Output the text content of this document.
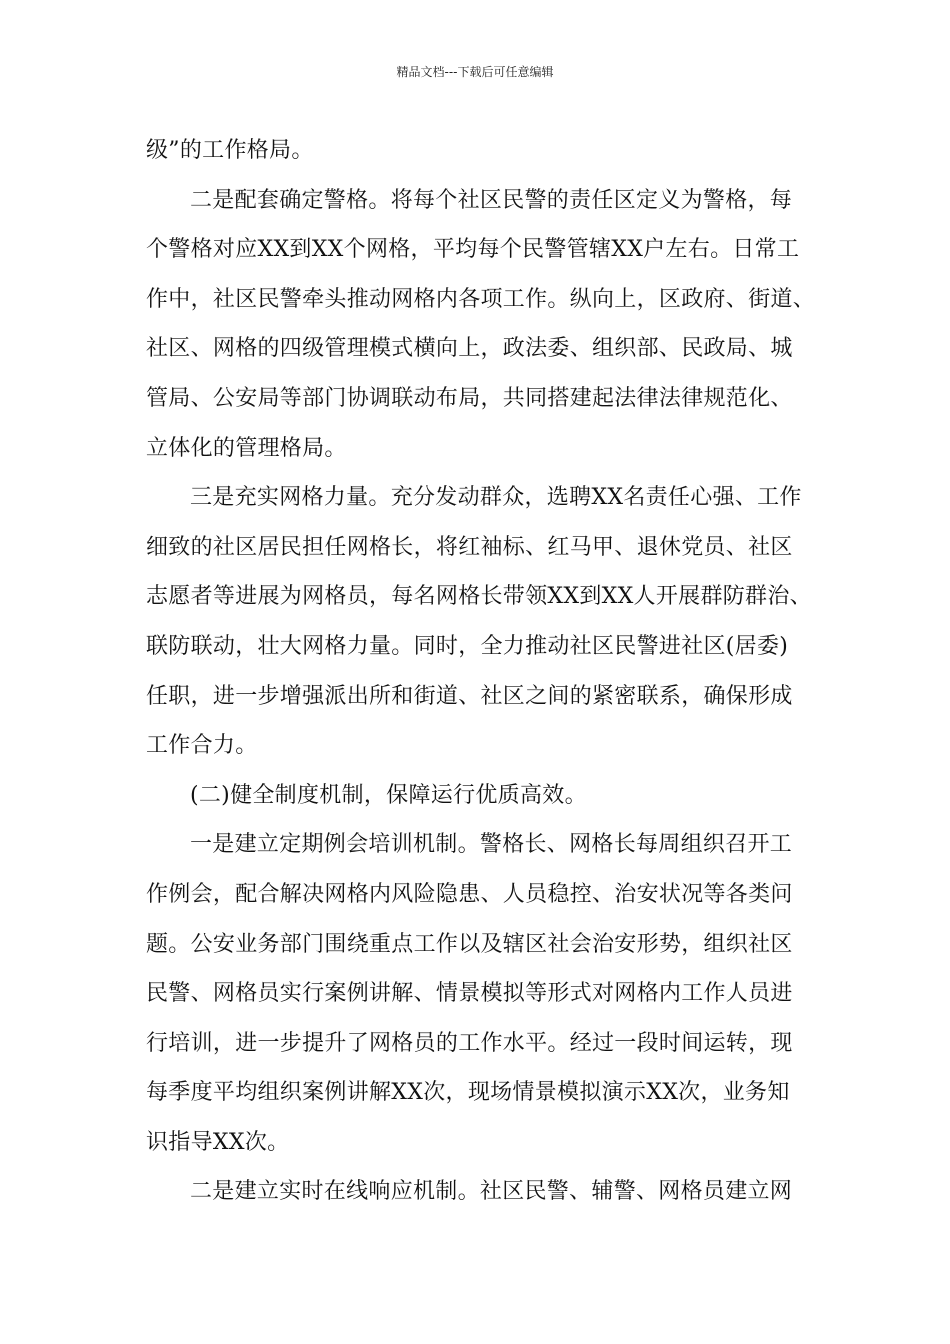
精品文档---下载后可任意编辑
级”的工作格局。
二是配套确定警格。将每个社区民警的责任区定义为警格，每
个警格对应XX到XX个网格，平均每个民警管辖XX户左右。日常工
作中，社区民警牵头推动网格内各项工作。纵向上，区政府、街道、
社区、网格的四级管理模式横向上，政法委、组织部、民政局、城
管局、公安局等部门协调联动布局，共同搭建起法律法律规范化、
立体化的管理格局。
三是充实网格力量。充分发动群众，选聘XX名责任心强、工作
细致的社区居民担任网格长，将红袖标、红马甲、退休党员、社区
志愿者等进展为网格员，每名网格长带领XX到XX人开展群防群治、
联防联动，壮大网格力量。同时，全力推动社区民警进社区(居委)
任职，进一步增强派出所和街道、社区之间的紧密联系，确保形成
工作合力。
(二)健全制度机制，保障运行优质高效。
一是建立定期例会培训机制。警格长、网格长每周组织召开工
作例会，配合解决网格内风险隐患、人员稳控、治安状况等各类问
题。公安业务部门围绕重点工作以及辖区社会治安形势，组织社区
民警、网格员实行案例讲解、情景模拟等形式对网格内工作人员进
行培训，进一步提升了网格员的工作水平。经过一段时间运转，现
每季度平均组织案例讲解XX次，现场情景模拟演示XX次，业务知
识指导XX次。
二是建立实时在线响应机制。社区民警、辅警、网格员建立网
